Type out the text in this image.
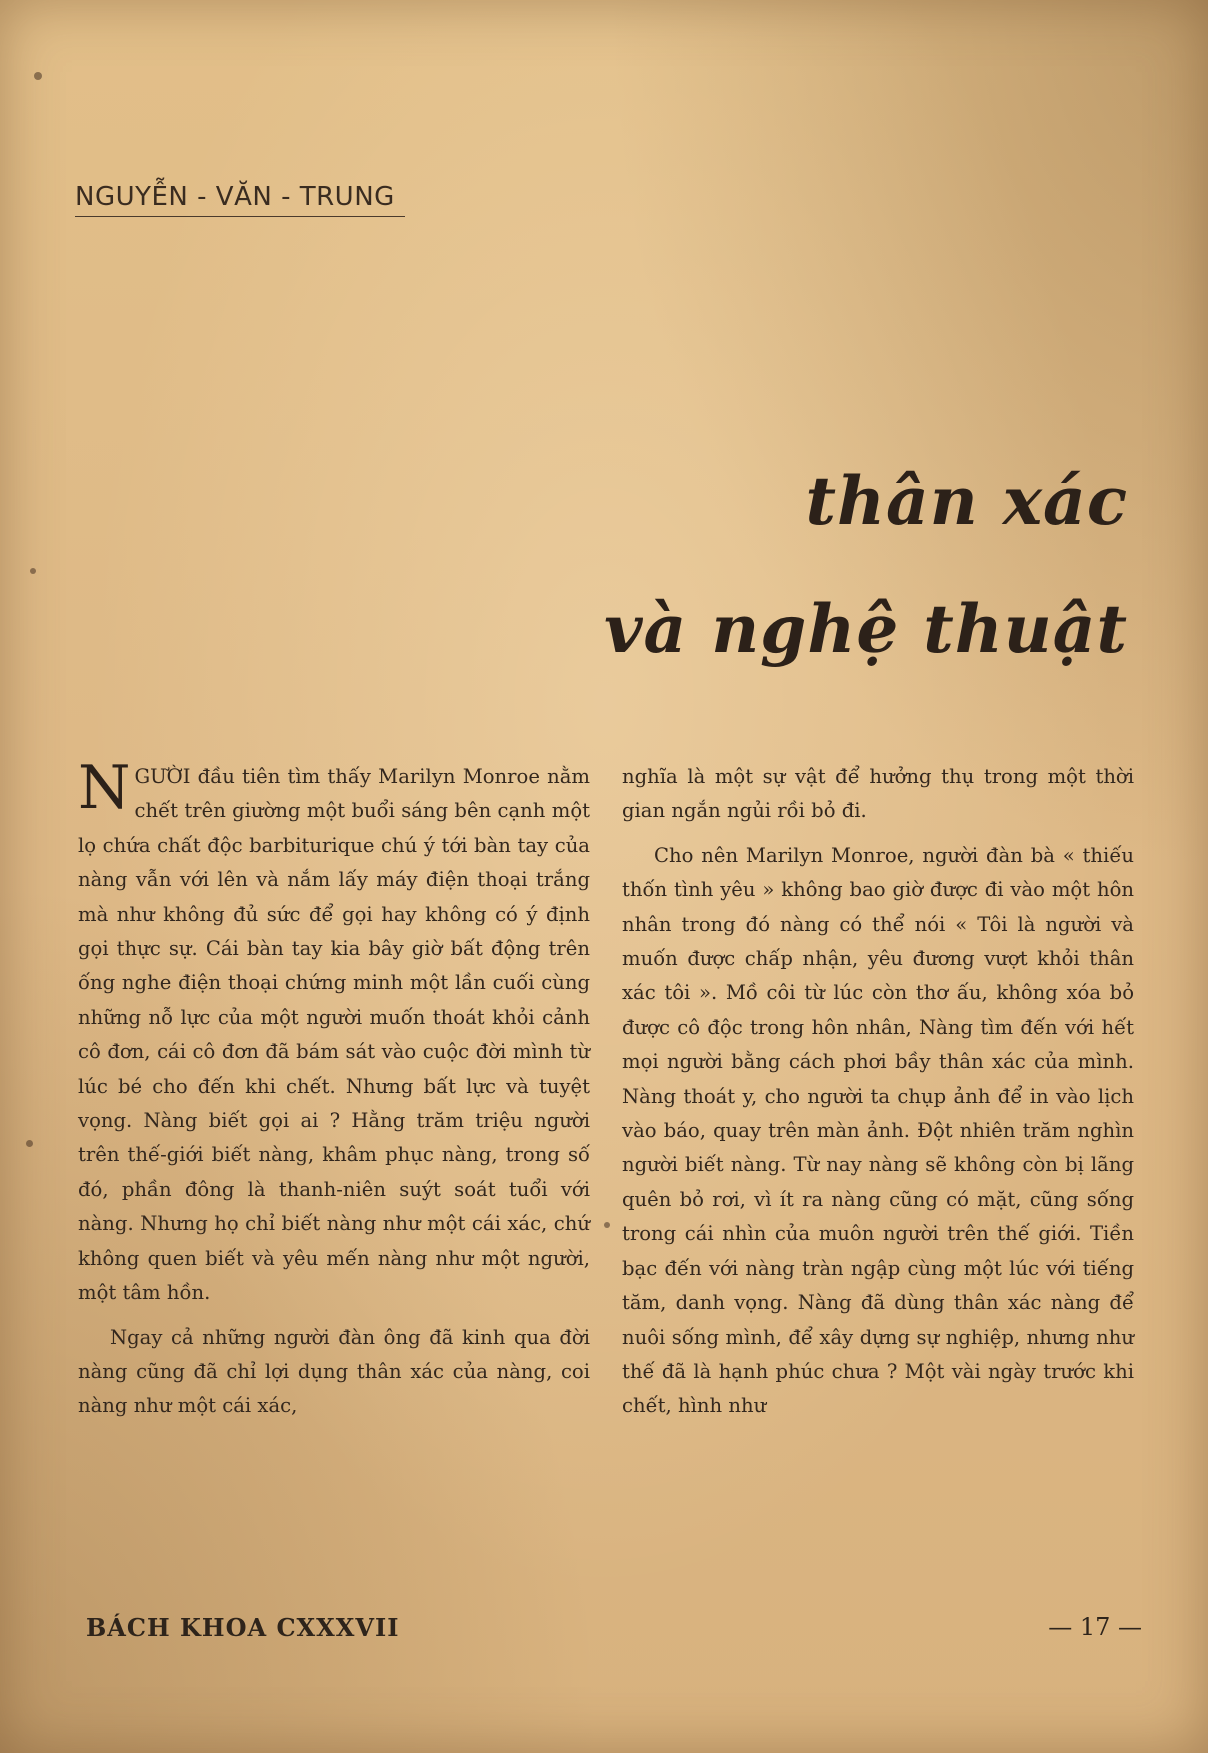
NGUYỄN - VĂN - TRUNG
thân xác
và nghệ thuật

NGƯỜI đầu tiên tìm thấy Marilyn Monroe nằm chết trên giường một buổi sáng bên cạnh một lọ chứa chất độc barbiturique chú ý tới bàn tay của nàng vẫn với lên và nắm lấy máy điện thoại trắng mà như không đủ sức để gọi hay không có ý định gọi thực sự. Cái bàn tay kia bây giờ bất động trên ống nghe điện thoại chứng minh một lần cuối cùng những nỗ lực của một người muốn thoát khỏi cảnh cô đơn, cái cô đơn đã bám sát vào cuộc đời mình từ lúc bé cho đến khi chết. Nhưng bất lực và tuyệt vọng. Nàng biết gọi ai ? Hằng trăm triệu người trên thế-giới biết nàng, khâm phục nàng, trong số đó, phần đông là thanh-niên suýt soát tuổi với nàng. Nhưng họ chỉ biết nàng như một cái xác, chứ không quen biết và yêu mến nàng như một người, một tâm hồn.

Ngay cả những người đàn ông đã kinh qua đời nàng cũng đã chỉ lợi dụng thân xác của nàng, coi nàng như một cái xác,

nghĩa là một sự vật để hưởng thụ trong một thời gian ngắn ngủi rồi bỏ đi.

Cho nên Marilyn Monroe, người đàn bà « thiếu thốn tình yêu » không bao giờ được đi vào một hôn nhân trong đó nàng có thể nói « Tôi là người và muốn được chấp nhận, yêu đương vượt khỏi thân xác tôi ». Mồ côi từ lúc còn thơ ấu, không xóa bỏ được cô độc trong hôn nhân, Nàng tìm đến với hết mọi người bằng cách phơi bầy thân xác của mình. Nàng thoát y, cho người ta chụp ảnh để in vào lịch vào báo, quay trên màn ảnh. Đột nhiên trăm nghìn người biết nàng. Từ nay nàng sẽ không còn bị lãng quên bỏ rơi, vì ít ra nàng cũng có mặt, cũng sống trong cái nhìn của muôn người trên thế giới. Tiền bạc đến với nàng tràn ngập cùng một lúc với tiếng tăm, danh vọng. Nàng đã dùng thân xác nàng để nuôi sống mình, để xây dựng sự nghiệp, nhưng như thế đã là hạnh phúc chưa ? Một vài ngày trước khi chết, hình như

BÁCH KHOA CXXXVII	— 17 —
